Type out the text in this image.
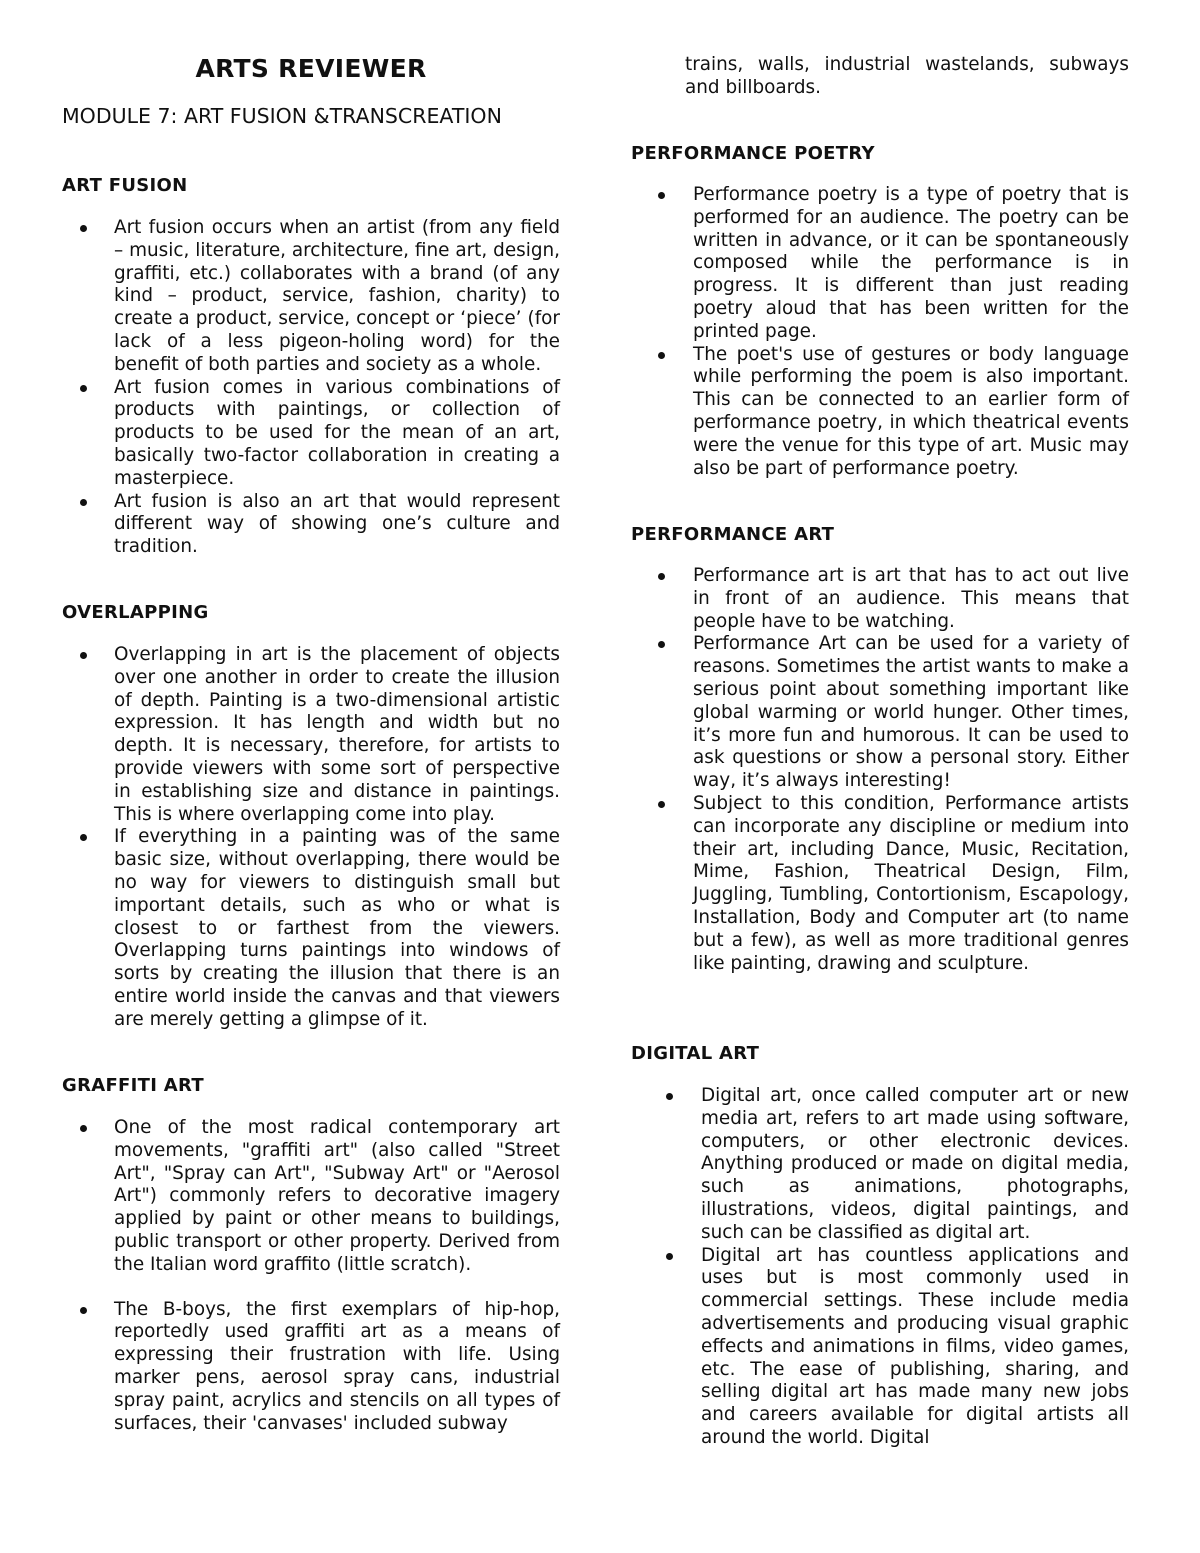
ARTS REVIEWER
MODULE 7: ART FUSION &TRANSCREATION
ART FUSION
Art fusion occurs when an artist (from any field – music, literature, architecture, fine art, design, graffiti, etc.) collaborates with a brand (of any kind – product, service, fashion, charity) to create a product, service, concept or ‘piece’ (for lack of a less pigeon-holing word) for the benefit of both parties and society as a whole.
Art fusion comes in various combinations of products with paintings, or collection of products to be used for the mean of an art, basically two-factor collaboration in creating a masterpiece.
Art fusion is also an art that would represent different way of showing one’s culture and tradition.
OVERLAPPING
Overlapping in art is the placement of objects over one another in order to create the illusion of depth. Painting is a two-dimensional artistic expression. It has length and width but no depth. It is necessary, therefore, for artists to provide viewers with some sort of perspective in establishing size and distance in paintings. This is where overlapping come into play.
If everything in a painting was of the same basic size, without overlapping, there would be no way for viewers to distinguish small but important details, such as who or what is closest to or farthest from the viewers. Overlapping turns paintings into windows of sorts by creating the illusion that there is an entire world inside the canvas and that viewers are merely getting a glimpse of it.
GRAFFITI ART
One of the most radical contemporary art movements, "graffiti art" (also called "Street Art", "Spray can Art", "Subway Art" or "Aerosol Art") commonly refers to decorative imagery applied by paint or other means to buildings, public transport or other property. Derived from the Italian word graffito (little scratch).
The B-boys, the first exemplars of hip-hop, reportedly used graffiti art as a means of expressing their frustration with life. Using marker pens, aerosol spray cans, industrial spray paint, acrylics and stencils on all types of surfaces, their 'canvases' included subway
trains, walls, industrial wastelands, subways and billboards.
PERFORMANCE POETRY
Performance poetry is a type of poetry that is performed for an audience. The poetry can be written in advance, or it can be spontaneously composed while the performance is in progress. It is different than just reading poetry aloud that has been written for the printed page.
The poet's use of gestures or body language while performing the poem is also important. This can be connected to an earlier form of performance poetry, in which theatrical events were the venue for this type of art. Music may also be part of performance poetry.
PERFORMANCE ART
Performance art is art that has to act out live in front of an audience. This means that people have to be watching.
Performance Art can be used for a variety of reasons. Sometimes the artist wants to make a serious point about something important like global warming or world hunger. Other times, it’s more fun and humorous. It can be used to ask questions or show a personal story. Either way, it’s always interesting!
Subject to this condition, Performance artists can incorporate any discipline or medium into their art, including Dance, Music, Recitation, Mime, Fashion, Theatrical Design, Film, Juggling, Tumbling, Contortionism, Escapology, Installation, Body and Computer art (to name but a few), as well as more traditional genres like painting, drawing and sculpture.
DIGITAL ART
Digital art, once called computer art or new media art, refers to art made using software, computers, or other electronic devices. Anything produced or made on digital media, such as animations, photographs, illustrations, videos, digital paintings, and such can be classified as digital art.
Digital art has countless applications and uses but is most commonly used in commercial settings. These include media advertisements and producing visual graphic effects and animations in films, video games, etc. The ease of publishing, sharing, and selling digital art has made many new jobs and careers available for digital artists all around the world. Digital
